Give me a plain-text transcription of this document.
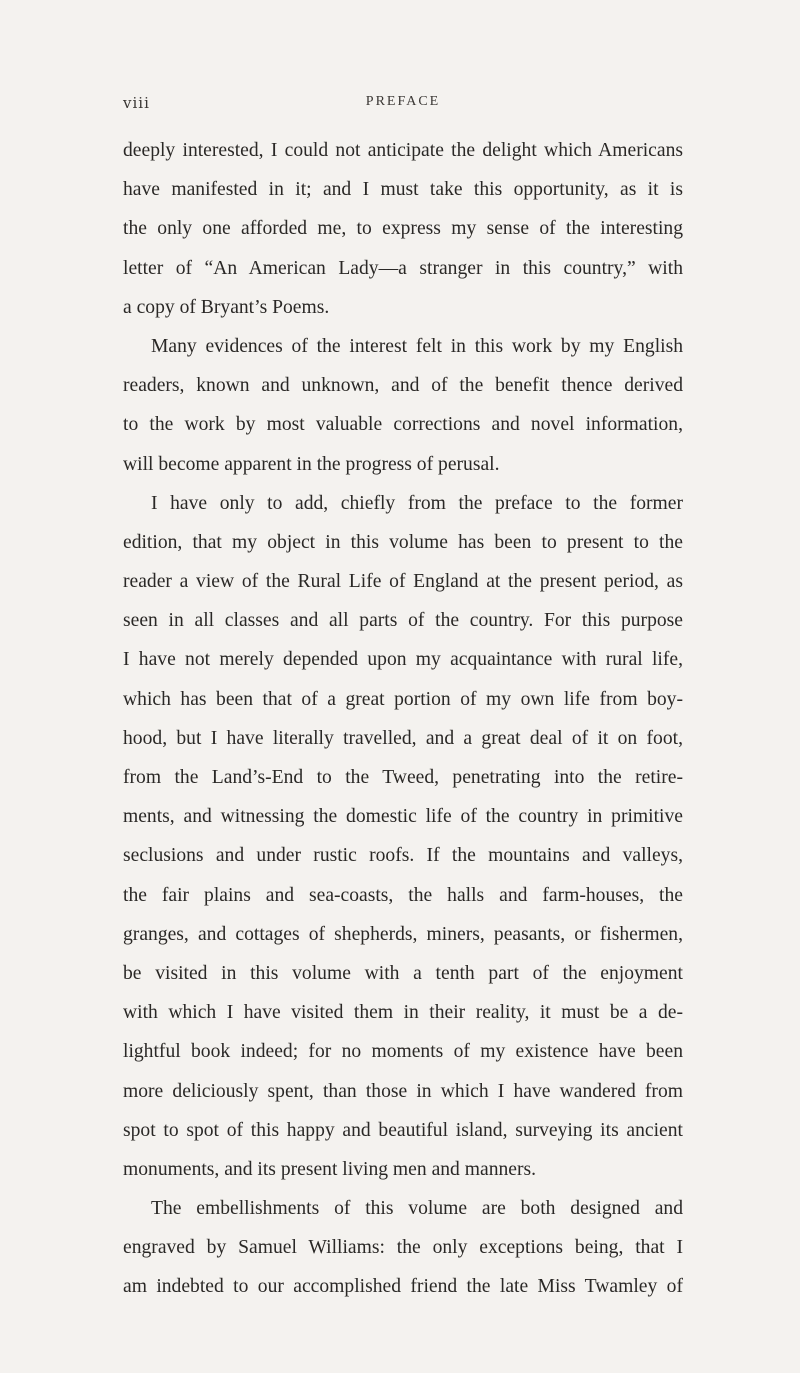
viii	PREFACE
deeply interested, I could not anticipate the delight which Americans
have manifested in it; and I must take this opportunity, as it is
the only one afforded me, to express my sense of the interesting
letter of “An American Lady—a stranger in this country,” with
a copy of Bryant’s Poems.
Many evidences of the interest felt in this work by my English
readers, known and unknown, and of the benefit thence derived
to the work by most valuable corrections and novel information,
will become apparent in the progress of perusal.
I have only to add, chiefly from the preface to the former
edition, that my object in this volume has been to present to the
reader a view of the Rural Life of England at the present period, as
seen in all classes and all parts of the country. For this purpose
I have not merely depended upon my acquaintance with rural life,
which has been that of a great portion of my own life from boy-
hood, but I have literally travelled, and a great deal of it on foot,
from the Land’s-End to the Tweed, penetrating into the retire-
ments, and witnessing the domestic life of the country in primitive
seclusions and under rustic roofs. If the mountains and valleys,
the fair plains and sea-coasts, the halls and farm-houses, the
granges, and cottages of shepherds, miners, peasants, or fishermen,
be visited in this volume with a tenth part of the enjoyment
with which I have visited them in their reality, it must be a de-
lightful book indeed; for no moments of my existence have been
more deliciously spent, than those in which I have wandered from
spot to spot of this happy and beautiful island, surveying its ancient
monuments, and its present living men and manners.
The embellishments of this volume are both designed and
engraved by Samuel Williams: the only exceptions being, that I
am indebted to our accomplished friend the late Miss Twamley of
